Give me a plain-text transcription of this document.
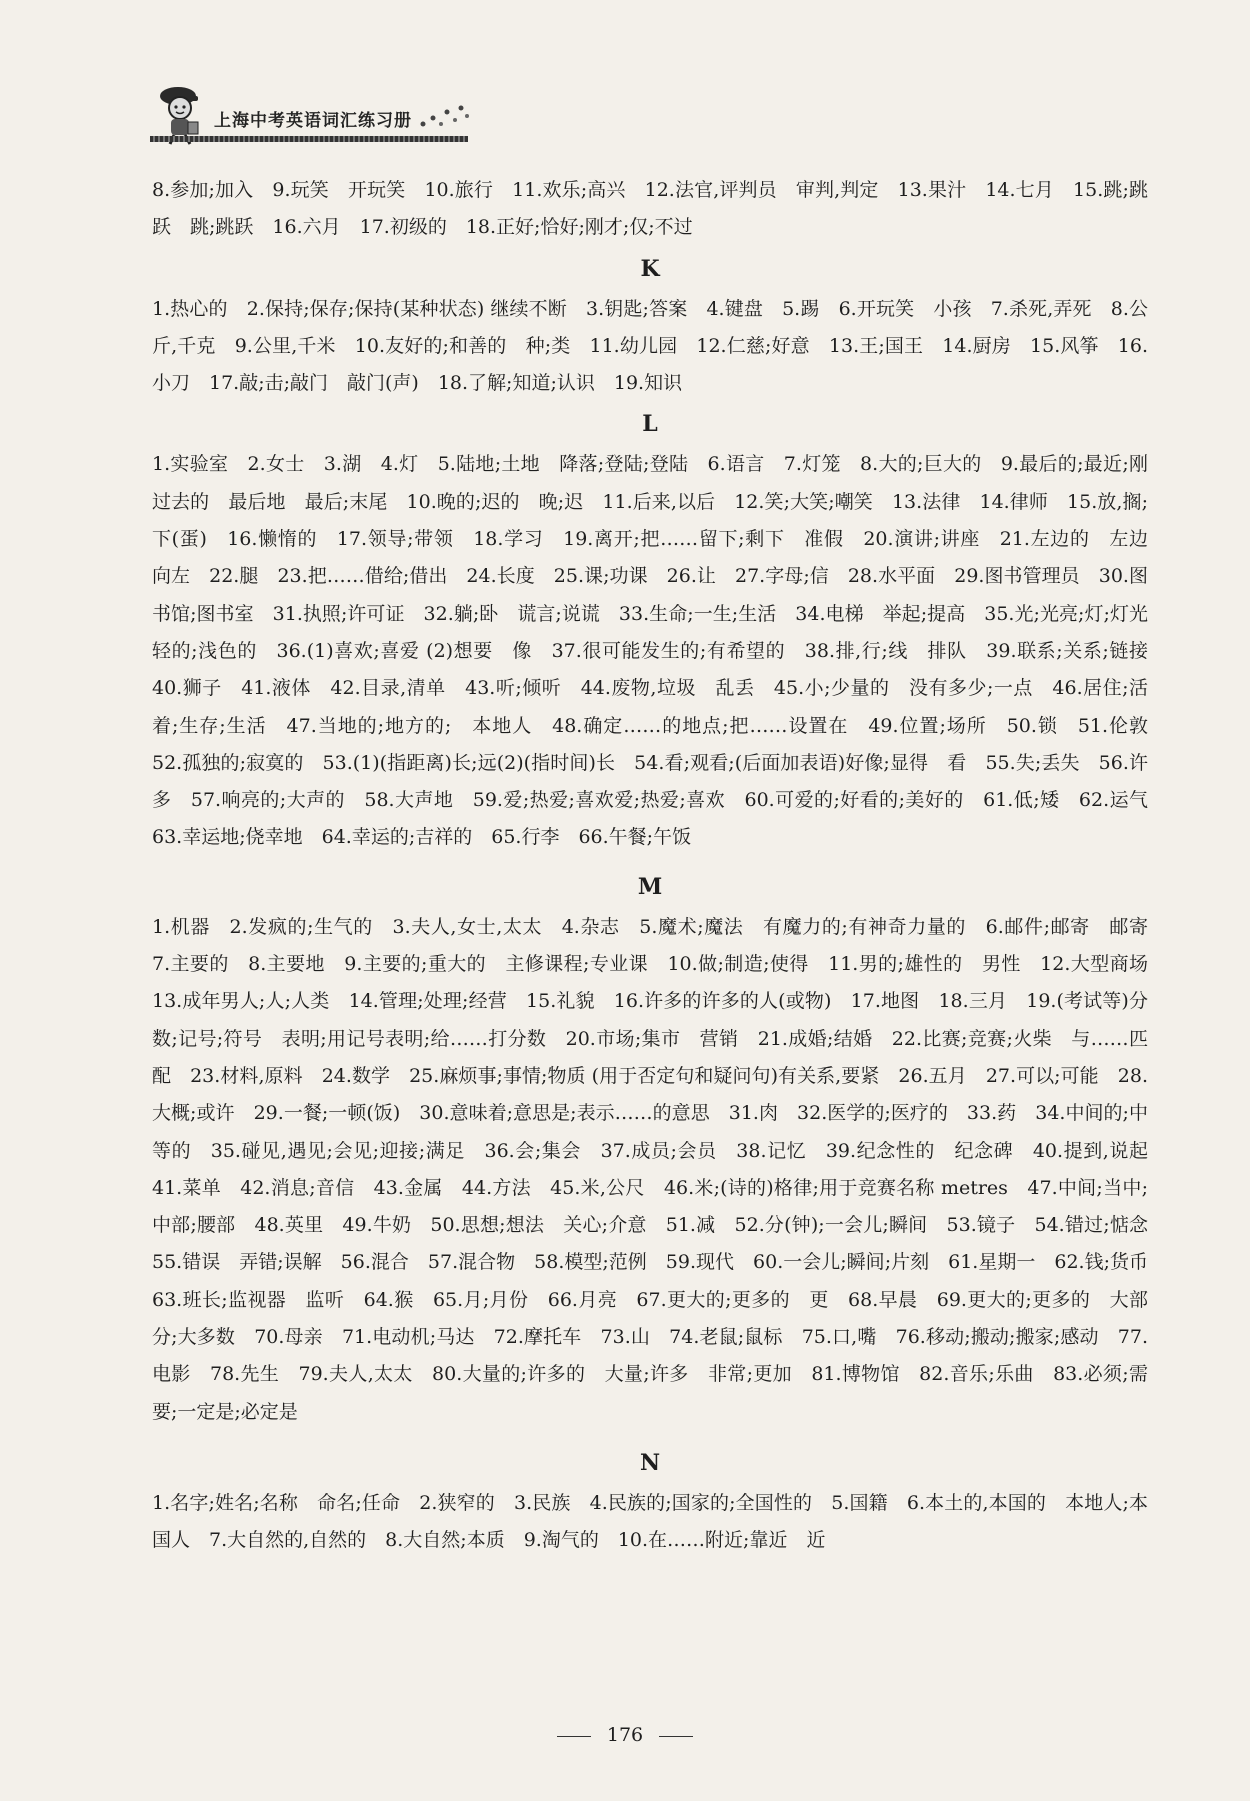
上海中考英语词汇练习册

8.参加;加入　9.玩笑　开玩笑　10.旅行　11.欢乐;高兴　12.法官,评判员　审判,判定　13.果汁　14.七月　15.跳;跳跃　跳;跳跃　16.六月　17.初级的　18.正好;恰好;刚才;仅;不过

K

1.热心的　2.保持;保存;保持(某种状态) 继续不断　3.钥匙;答案　4.键盘　5.踢　6.开玩笑　小孩　7.杀死,弄死　8.公斤,千克　9.公里,千米　10.友好的;和善的　种;类　11.幼儿园　12.仁慈;好意　13.王;国王　14.厨房　15.风筝　16.小刀　17.敲;击;敲门　敲门(声)　18.了解;知道;认识　19.知识

L

1.实验室　2.女士　3.湖　4.灯　5.陆地;土地　降落;登陆;登陆　6.语言　7.灯笼　8.大的;巨大的　9.最后的;最近;刚过去的　最后地　最后;末尾　10.晚的;迟的　晚;迟　11.后来,以后　12.笑;大笑;嘲笑　13.法律　14.律师　15.放,搁;下(蛋)　16.懒惰的　17.领导;带领　18.学习　19.离开;把……留下;剩下　准假　20.演讲;讲座　21.左边的　左边　向左　22.腿　23.把……借给;借出　24.长度　25.课;功课　26.让　27.字母;信　28.水平面　29.图书管理员　30.图书馆;图书室　31.执照;许可证　32.躺;卧　谎言;说谎　33.生命;一生;生活　34.电梯　举起;提高　35.光;光亮;灯;灯光　轻的;浅色的　36.(1)喜欢;喜爱 (2)想要　像　37.很可能发生的;有希望的　38.排,行;线　排队　39.联系;关系;链接　40.狮子　41.液体　42.目录,清单　43.听;倾听　44.废物,垃圾　乱丢　45.小;少量的　没有多少;一点　46.居住;活着;生存;生活　47.当地的;地方的;　本地人　48.确定……的地点;把……设置在　49.位置;场所　50.锁　51.伦敦　52.孤独的;寂寞的　53.(1)(指距离)长;远(2)(指时间)长　54.看;观看;(后面加表语)好像;显得　看　55.失;丢失　56.许多　57.响亮的;大声的　58.大声地　59.爱;热爱;喜欢爱;热爱;喜欢　60.可爱的;好看的;美好的　61.低;矮　62.运气　63.幸运地;侥幸地　64.幸运的;吉祥的　65.行李　66.午餐;午饭

M

1.机器　2.发疯的;生气的　3.夫人,女士,太太　4.杂志　5.魔术;魔法　有魔力的;有神奇力量的　6.邮件;邮寄　邮寄　7.主要的　8.主要地　9.主要的;重大的　主修课程;专业课　10.做;制造;使得　11.男的;雄性的　男性　12.大型商场　13.成年男人;人;人类　14.管理;处理;经营　15.礼貌　16.许多的许多的人(或物)　17.地图　18.三月　19.(考试等)分数;记号;符号　表明;用记号表明;给……打分数　20.市场;集市　营销　21.成婚;结婚　22.比赛;竞赛;火柴　与……匹配　23.材料,原料　24.数学　25.麻烦事;事情;物质 (用于否定句和疑问句)有关系,要紧　26.五月　27.可以;可能　28.大概;或许　29.一餐;一顿(饭)　30.意味着;意思是;表示……的意思　31.肉　32.医学的;医疗的　33.药　34.中间的;中等的　35.碰见,遇见;会见;迎接;满足　36.会;集会　37.成员;会员　38.记忆　39.纪念性的　纪念碑　40.提到,说起　41.菜单　42.消息;音信　43.金属　44.方法　45.米,公尺　46.米;(诗的)格律;用于竞赛名称 metres　47.中间;当中;中部;腰部　48.英里　49.牛奶　50.思想;想法　关心;介意　51.减　52.分(钟);一会儿;瞬间　53.镜子　54.错过;惦念　55.错误　弄错;误解　56.混合　57.混合物　58.模型;范例　59.现代　60.一会儿;瞬间;片刻　61.星期一　62.钱;货币　63.班长;监视器　监听　64.猴　65.月;月份　66.月亮　67.更大的;更多的　更　68.早晨　69.更大的;更多的　大部分;大多数　70.母亲　71.电动机;马达　72.摩托车　73.山　74.老鼠;鼠标　75.口,嘴　76.移动;搬动;搬家;感动　77.电影　78.先生　79.夫人,太太　80.大量的;许多的　大量;许多　非常;更加　81.博物馆　82.音乐;乐曲　83.必须;需要;一定是;必定是

N

1.名字;姓名;名称　命名;任命　2.狭窄的　3.民族　4.民族的;国家的;全国性的　5.国籍　6.本土的,本国的　本地人;本国人　7.大自然的,自然的　8.大自然;本质　9.淘气的　10.在……附近;靠近　近

176
